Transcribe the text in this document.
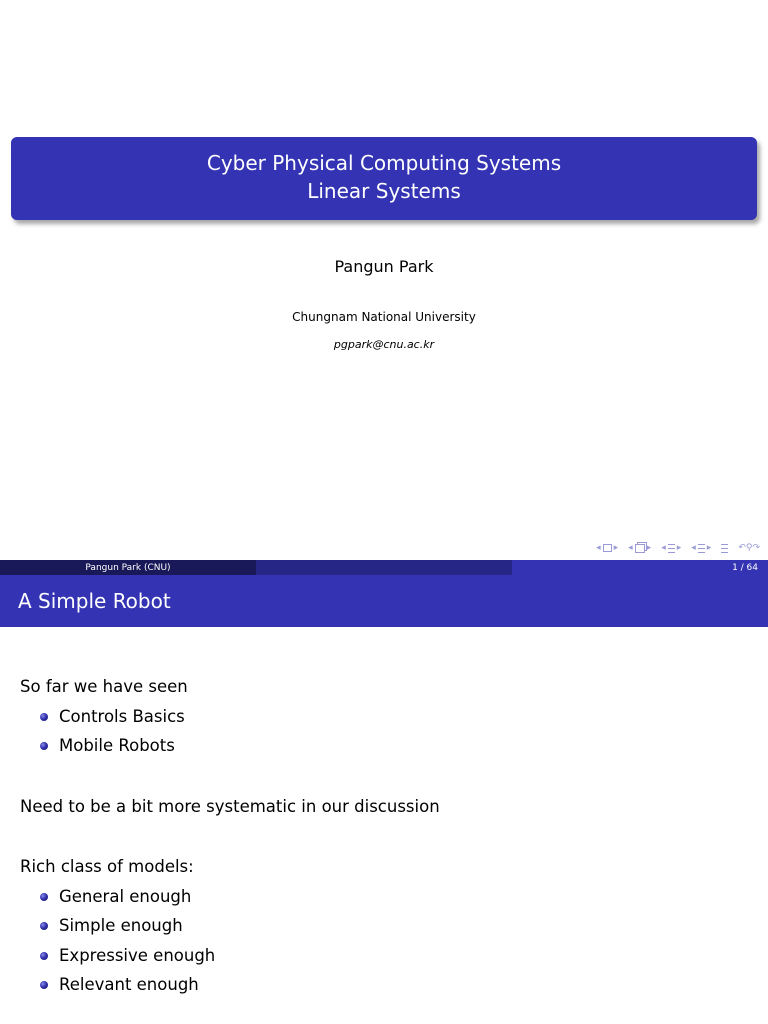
Cyber Physical Computing Systems
Linear Systems
Pangun Park
Chungnam National University
pgpark@cnu.ac.kr
◂ ▸ ◂ ▸ ◂ ▸ ◂ ▸	↶⚲↷
Pangun Park (CNU)	1 / 64
A Simple Robot

So far we have seen

Controls Basics
Mobile Robots

Need to be a bit more systematic in our discussion

Rich class of models:

General enough
Simple enough
Expressive enough
Relevant enough
